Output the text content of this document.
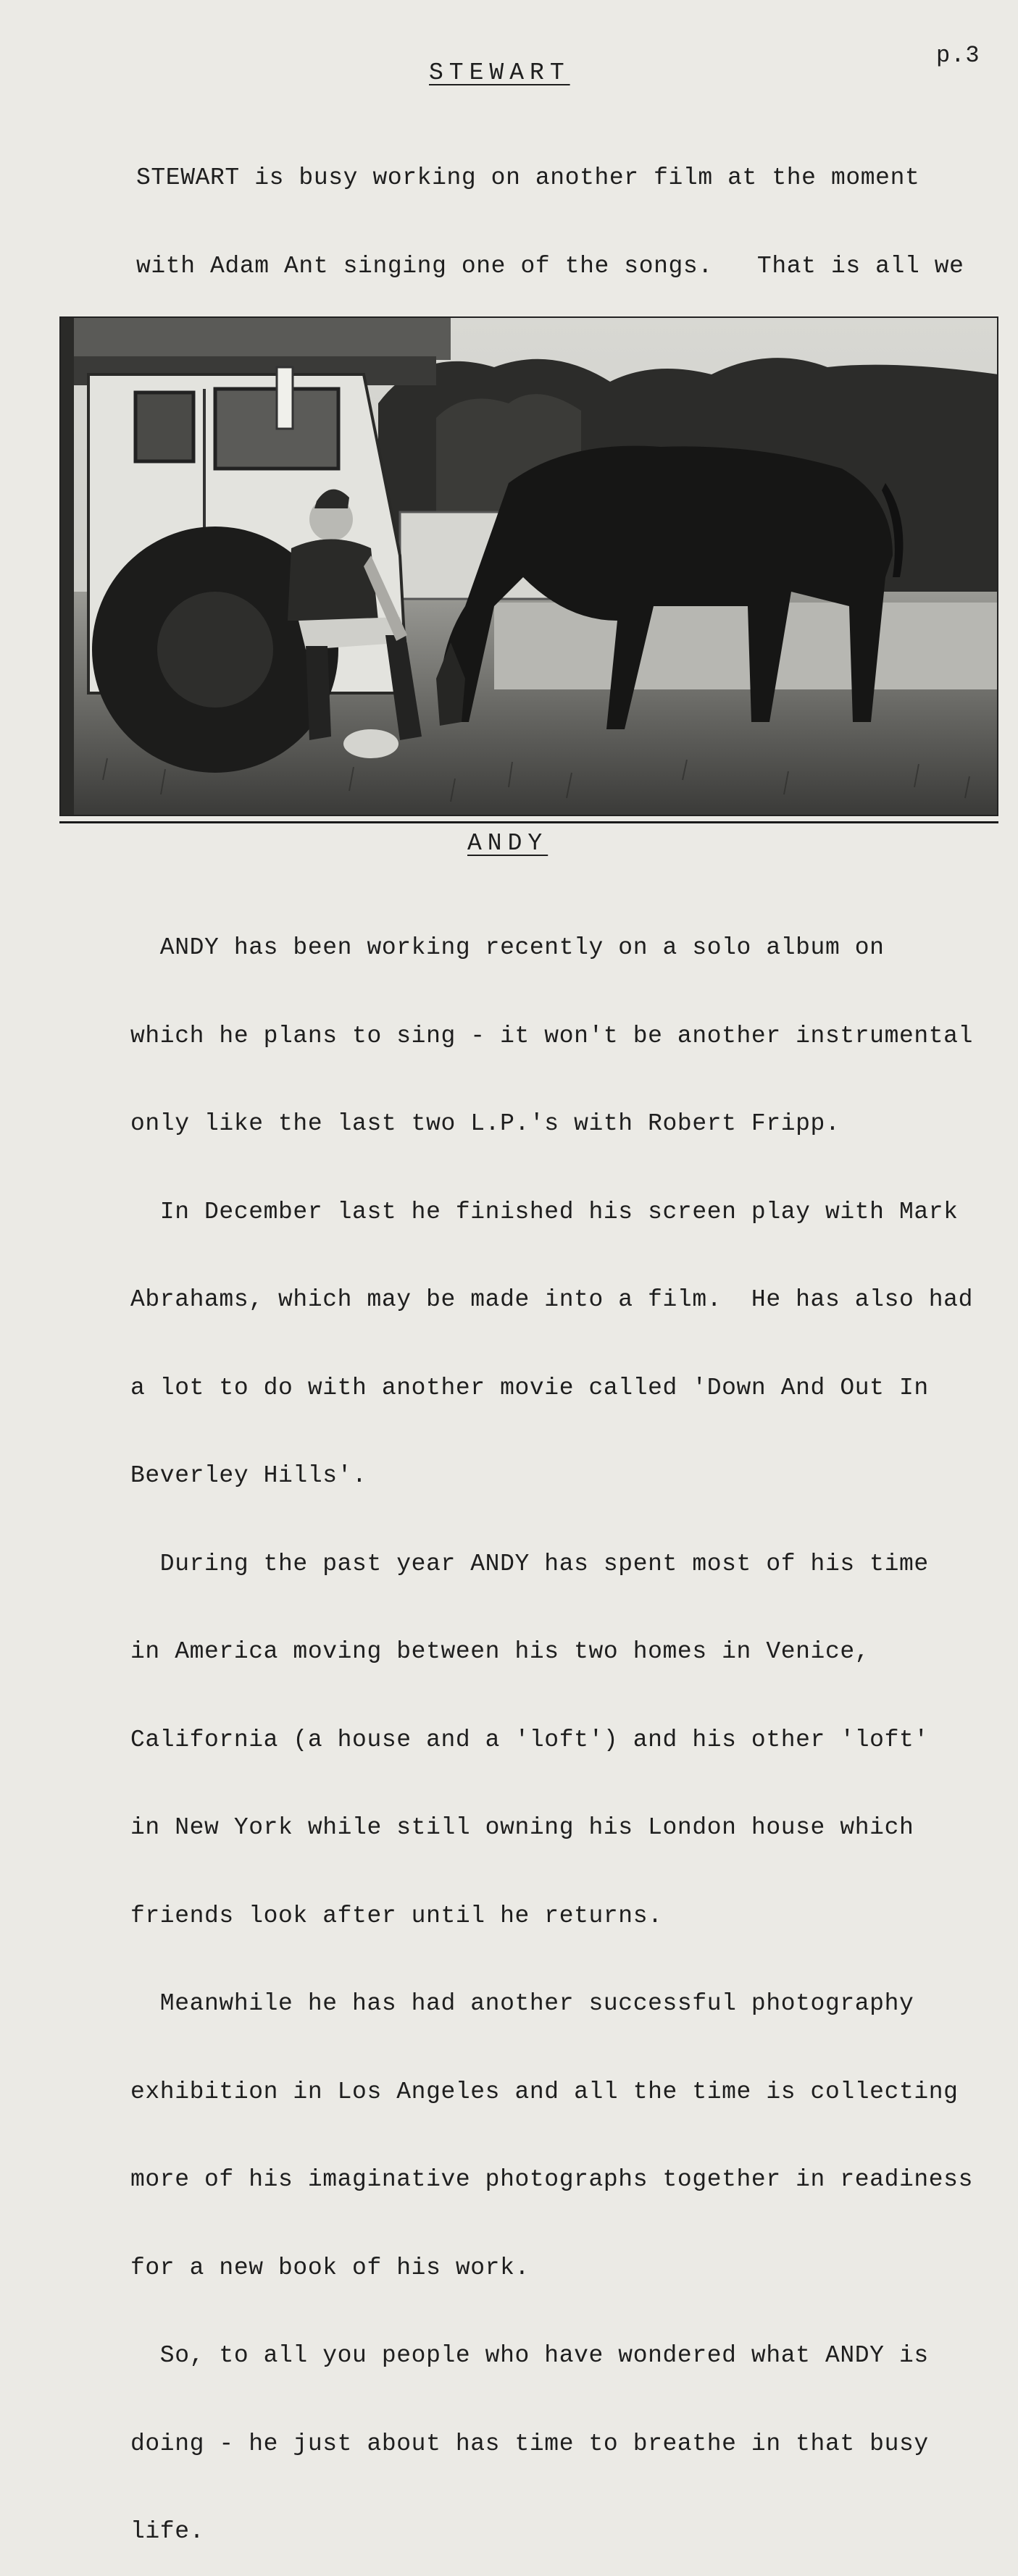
p.3
STEWART

STEWART is busy working on another film at the moment

with Adam Ant singing one of the songs.   That is all we

ANDY

ANDY has been working recently on a solo album on

which he plans to sing - it won't be another instrumental

only like the last two L.P.'s with Robert Fripp.

In December last he finished his screen play with Mark

Abrahams, which may be made into a film.  He has also had

a lot to do with another movie called 'Down And Out In

Beverley Hills'.

During the past year ANDY has spent most of his time

in America moving between his two homes in Venice,

California (a house and a 'loft') and his other 'loft'

in New York while still owning his London house which

friends look after until he returns.

Meanwhile he has had another successful photography

exhibition in Los Angeles and all the time is collecting

more of his imaginative photographs together in readiness

for a new book of his work.

So, to all you people who have wondered what ANDY is

doing - he just about has time to breathe in that busy

life.
